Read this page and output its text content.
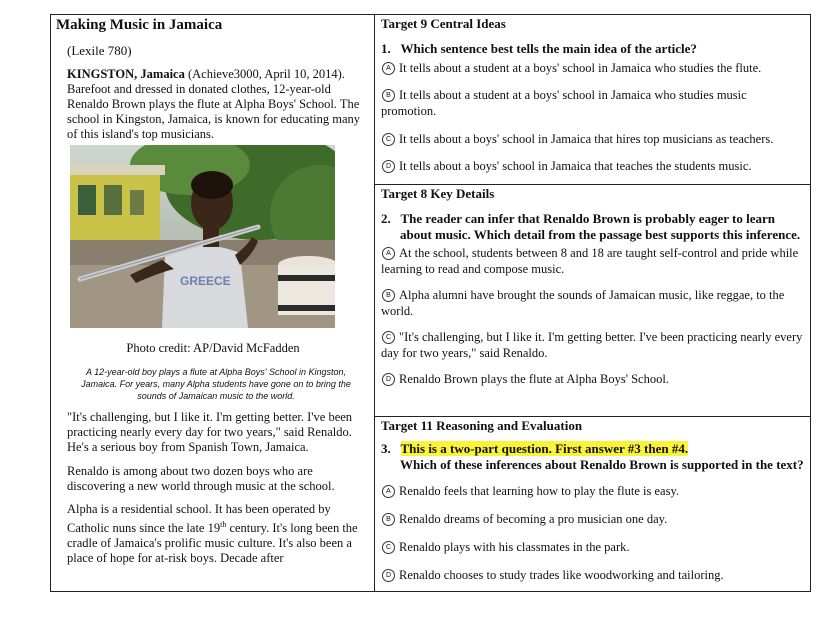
Making Music in Jamaica
(Lexile 780)
KINGSTON, Jamaica (Achieve3000, April 10, 2014). Barefoot and dressed in donated clothes, 12-year-old Renaldo Brown plays the flute at Alpha Boys' School. The school in Kingston, Jamaica, is known for educating many of this island's top musicians.
GREECE
Photo credit: AP/David McFadden
A 12-year-old boy plays a flute at Alpha Boys' School in Kingston, Jamaica. For years, many Alpha students have gone on to bring the sounds of Jamaican music to the world.
"It's challenging, but I like it. I'm getting better. I've been practicing nearly every day for two years," said Renaldo. He's a serious boy from Spanish Town, Jamaica.
Renaldo is among about two dozen boys who are discovering a new world through music at the school.
Alpha is a residential school. It has been operated by Catholic nuns since the late 19th century. It's long been the cradle of Jamaica's prolific music culture. It's also been a place of hope for at-risk boys. Decade after
Target 9 Central Ideas
1. Which sentence best tells the main idea of the article?
A It tells about a student at a boys' school in Jamaica who studies the flute.
B It tells about a student at a boys' school in Jamaica who studies music promotion.
C It tells about a boys' school in Jamaica that hires top musicians as teachers.
D It tells about a boys' school in Jamaica that teaches the students music.
Target 8 Key Details
2. The reader can infer that Renaldo Brown is probably eager to learn about music. Which detail from the passage best supports this inference.
A At the school, students between 8 and 18 are taught self-control and pride while learning to read and compose music.
B Alpha alumni have brought the sounds of Jamaican music, like reggae, to the world.
C "It's challenging, but I like it. I'm getting better. I've been practicing nearly every day for two years," said Renaldo.
D Renaldo Brown plays the flute at Alpha Boys' School.
Target 11 Reasoning and Evaluation
3. This is a two-part question. First answer #3 then #4.
Which of these inferences about Renaldo Brown is supported in the text?
A Renaldo feels that learning how to play the flute is easy.
B Renaldo dreams of becoming a pro musician one day.
C Renaldo plays with his classmates in the park.
D Renaldo chooses to study trades like woodworking and tailoring.
